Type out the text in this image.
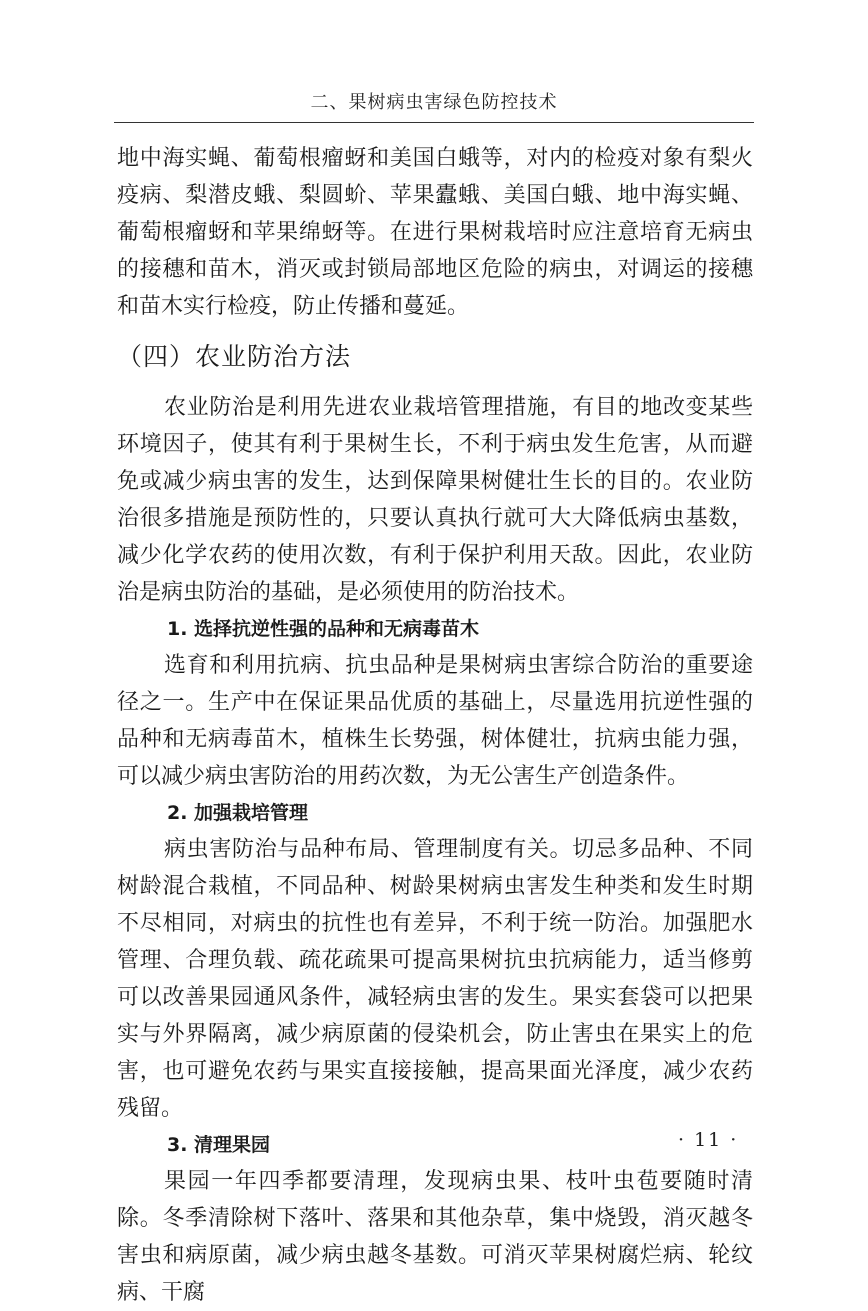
二、果树病虫害绿色防控技术

地中海实蝇、葡萄根瘤蚜和美国白蛾等，对内的检疫对象有梨火疫病、梨潜皮蛾、梨圆蚧、苹果蠹蛾、美国白蛾、地中海实蝇、葡萄根瘤蚜和苹果绵蚜等。在进行果树栽培时应注意培育无病虫的接穗和苗木，消灭或封锁局部地区危险的病虫，对调运的接穗和苗木实行检疫，防止传播和蔓延。

（四）农业防治方法

农业防治是利用先进农业栽培管理措施，有目的地改变某些环境因子，使其有利于果树生长，不利于病虫发生危害，从而避免或减少病虫害的发生，达到保障果树健壮生长的目的。农业防治很多措施是预防性的，只要认真执行就可大大降低病虫基数，减少化学农药的使用次数，有利于保护利用天敌。因此，农业防治是病虫防治的基础，是必须使用的防治技术。

1. 选择抗逆性强的品种和无病毒苗木

选育和利用抗病、抗虫品种是果树病虫害综合防治的重要途径之一。生产中在保证果品优质的基础上，尽量选用抗逆性强的品种和无病毒苗木，植株生长势强，树体健壮，抗病虫能力强，可以减少病虫害防治的用药次数，为无公害生产创造条件。

2. 加强栽培管理

病虫害防治与品种布局、管理制度有关。切忌多品种、不同树龄混合栽植，不同品种、树龄果树病虫害发生种类和发生时期不尽相同，对病虫的抗性也有差异，不利于统一防治。加强肥水管理、合理负载、疏花疏果可提高果树抗虫抗病能力，适当修剪可以改善果园通风条件，减轻病虫害的发生。果实套袋可以把果实与外界隔离，减少病原菌的侵染机会，防止害虫在果实上的危害，也可避免农药与果实直接接触，提高果面光泽度，减少农药残留。

3. 清理果园

果园一年四季都要清理，发现病虫果、枝叶虫苞要随时清除。冬季清除树下落叶、落果和其他杂草，集中烧毁，消灭越冬害虫和病原菌，减少病虫越冬基数。可消灭苹果树腐烂病、轮纹病、干腐

· 11 ·
